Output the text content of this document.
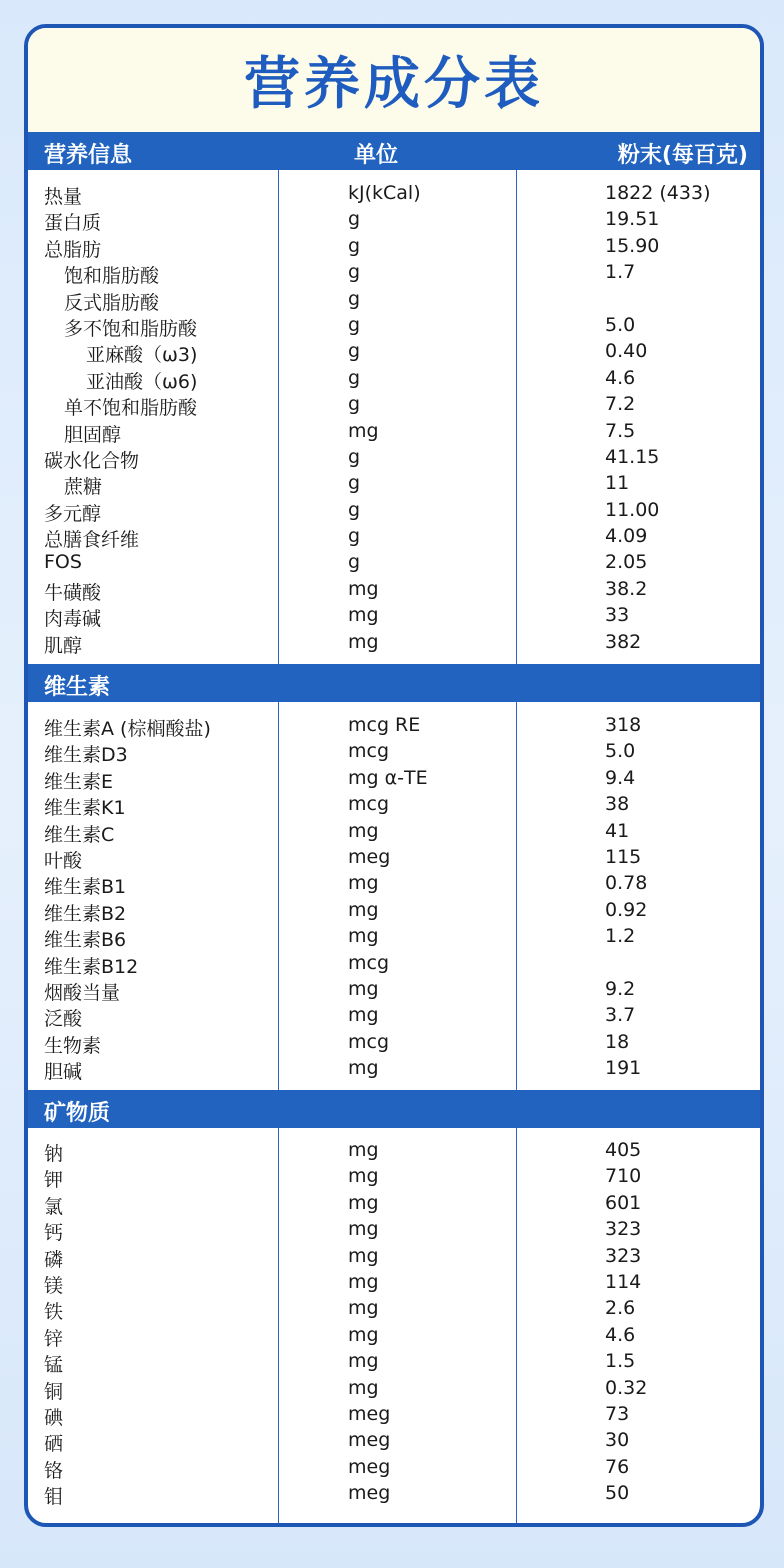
营养成分表
营养信息	单位	粉末(每百克)
维生素
矿物质
热量	kJ(kCal)	1822 (433)
蛋白质	g	19.51
总脂肪	g	15.90
饱和脂肪酸	g	1.7
反式脂肪酸	g
多不饱和脂肪酸	g	5.0
亚麻酸（ω3)	g	0.40
亚油酸（ω6)	g	4.6
单不饱和脂肪酸	g	7.2
胆固醇	mg	7.5
碳水化合物	g	41.15
蔗糖	g	11
多元醇	g	11.00
总膳食纤维	g	4.09
FOS	g	2.05
牛磺酸	mg	38.2
肉毒碱	mg	33
肌醇	mg	382
维生素A (棕榈酸盐)	mcg RE	318
维生素D3	mcg	5.0
维生素E	mg α-TE	9.4
维生素K1	mcg	38
维生素C	mg	41
叶酸	meg	115
维生素B1	mg	0.78
维生素B2	mg	0.92
维生素B6	mg	1.2
维生素B12	mcg
烟酸当量	mg	9.2
泛酸	mg	3.7
生物素	mcg	18
胆碱	mg	191
钠	mg	405
钾	mg	710
氯	mg	601
钙	mg	323
磷	mg	323
镁	mg	114
铁	mg	2.6
锌	mg	4.6
锰	mg	1.5
铜	mg	0.32
碘	meg	73
硒	meg	30
铬	meg	76
钼	meg	50
